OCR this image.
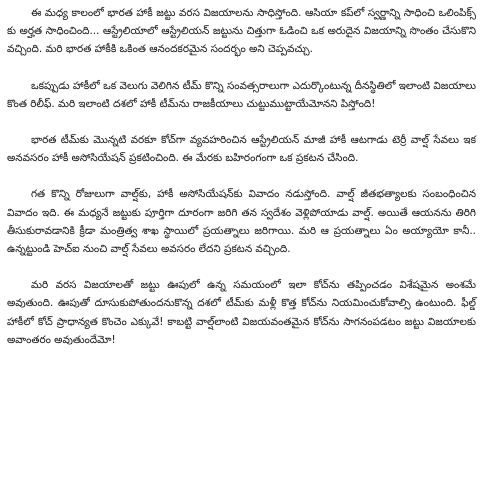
ఈ మధ్య కాలంలో భారత హాకీ జట్టు వరస విజయాలను సాధిస్తోంది. ఆసియా కప్‌లో స్వర్ణాన్ని సాధించి ఒలింపిక్స్ కు అర్హత సాధించింది... ఆస్ట్రేలియాలో ఆస్ట్రేలియన్ జట్టును చిత్తుగా ఓడించి ఒక అరుదైన విజయాన్ని సొంతం చేసుకొని వచ్చింది. మరి భారత హాకీకి ఒకింత ఆనందకరమైన సందర్భం అని చెప్పవచ్చు.

ఒకప్పుడు హాకీలో ఒక వెలుగు వెలిగిన టీమ్ కొన్ని సంవత్సరాలుగా ఎదుర్కొంటున్న దీనస్థితిలో ఇలాంటి విజయాలు కొంత రిలీఫ్. మరి ఇలాంటి దశలో హాకీ టీమ్‌ను రాజకీయాలు చుట్టుముట్టాయేమోనని పిస్తోంది!

భారత టీమ్‌కు మొన్నటి వరకూ కోచ్‌గా వ్యవహరించిన ఆస్ట్రేలియన్ మాజీ హాకీ ఆటగాడు టెర్రీ వాల్ష్ సేవలు ఇక అనవసరం హాకీ అసోసియేషన్ ప్రకటించింది. ఈ మేరకు బహిరంగంగా ఒక ప్రకటన చేసింది.

గత కొన్ని రోజులుగా వాల్ష్‌కు, హాకీ అసోసియేషన్‌కు వివాదం నడుస్తోంది. వాల్ష్ జీతభత్యాలకు సంబంధించిన వివాదం ఇది. ఈ మధ్యనే జట్టుకు పూర్తిగా దూరంగా జరిగి తన స్వదేశం వెళ్లిపోయాడు వాల్ష్. అయితే ఆయనను తిరిగి తీసుకురావడానికి క్రీడా మంత్రిత్వ శాఖ స్థాయిలో ప్రయత్నాలు జరిగాయి. మరి ఆ ప్రయత్నాలు ఏం అయ్యాయో కానీ.. ఉన్నట్టుండి హెచ్ఐ నుంచి వాల్ష్ సేవలు అవసరం లేదని ప్రకటన వచ్చింది.

మరి వరస విజయాలతో జట్టు ఊపులో ఉన్న సమయంలో ఇలా కోచ్‌ను తప్పించడం విశేషమైన అంశమే అవుతుంది. ఊపుతో దూసుకుపోతుందనుకొన్న దశలో టీమ్‌కు మళ్లీ కొత్త కోచ్‌ను నియమించుకోవాల్సి ఉంటుంది. ఫీల్డ్ హాకీలో కోచ్ ప్రాధాన్యత కొంచెం ఎక్కువే! కాబట్టి వాల్ష్‌లాంటి విజయవంతమైన కోచ్‌ను సాగనంపడటం జట్టు విజయాలకు అవాంతరం అవుతుందేమో!
